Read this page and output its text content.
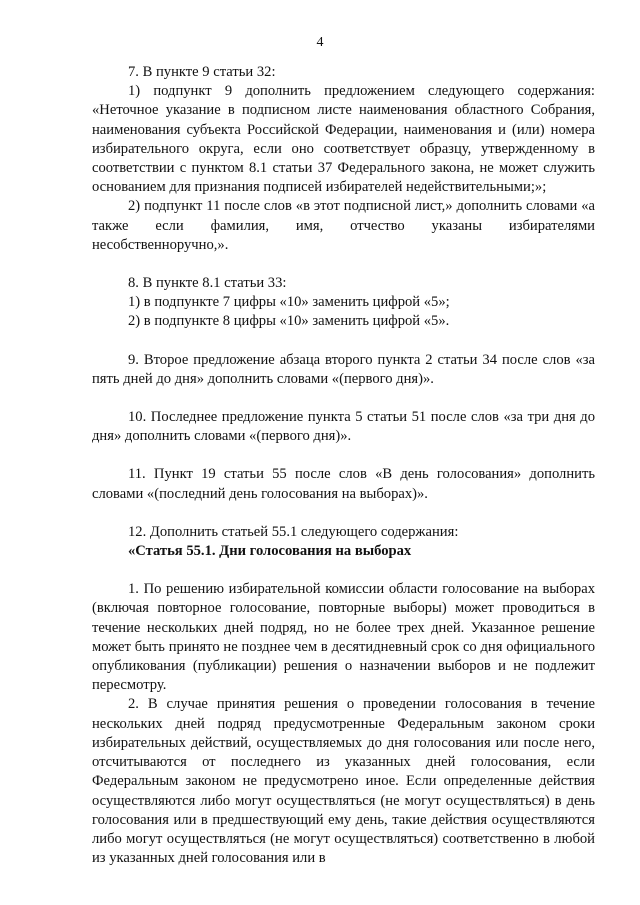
4

7. В пункте 9 статьи 32:

1) подпункт 9 дополнить предложением следующего содержания: «Неточное указание в подписном листе наименования областного Собрания, наименования субъекта Российской Федерации, наименования и (или) номера избирательного округа, если оно соответствует образцу, утвержденному в соответствии с пунктом 8.1 статьи 37 Федерального закона, не может служить основанием для признания подписей избирателей недействительными;»;

2) подпункт 11 после слов «в этот подписной лист,» дополнить словами «а также если фамилия, имя, отчество указаны избирателями несобственноручно,».

8. В пункте 8.1 статьи 33:

1) в подпункте 7 цифры «10» заменить цифрой «5»;

2) в подпункте 8 цифры «10» заменить цифрой «5».

9. Второе предложение абзаца второго пункта 2 статьи 34 после слов «за пять дней до дня» дополнить словами «(первого дня)».

10. Последнее предложение пункта 5 статьи 51 после слов «за три дня до дня» дополнить словами «(первого дня)».

11. Пункт 19 статьи 55 после слов «В день голосования» дополнить словами «(последний день голосования на выборах)».

12. Дополнить статьей 55.1 следующего содержания:

«Статья 55.1. Дни голосования на выборах

1. По решению избирательной комиссии области голосование на выборах (включая повторное голосование, повторные выборы) может проводиться в течение нескольких дней подряд, но не более трех дней. Указанное решение может быть принято не позднее чем в десятидневный срок со дня официального опубликования (публикации) решения о назначении выборов и не подлежит пересмотру.

2. В случае принятия решения о проведении голосования в течение нескольких дней подряд предусмотренные Федеральным законом сроки избирательных действий, осуществляемых до дня голосования или после него, отсчитываются от последнего из указанных дней голосования, если Федеральным законом не предусмотрено иное. Если определенные действия осуществляются либо могут осуществляться (не могут осуществляться) в день голосования или в предшествующий ему день, такие действия осуществляются либо могут осуществляться (не могут осуществляться) соответственно в любой из указанных дней голосования или в
